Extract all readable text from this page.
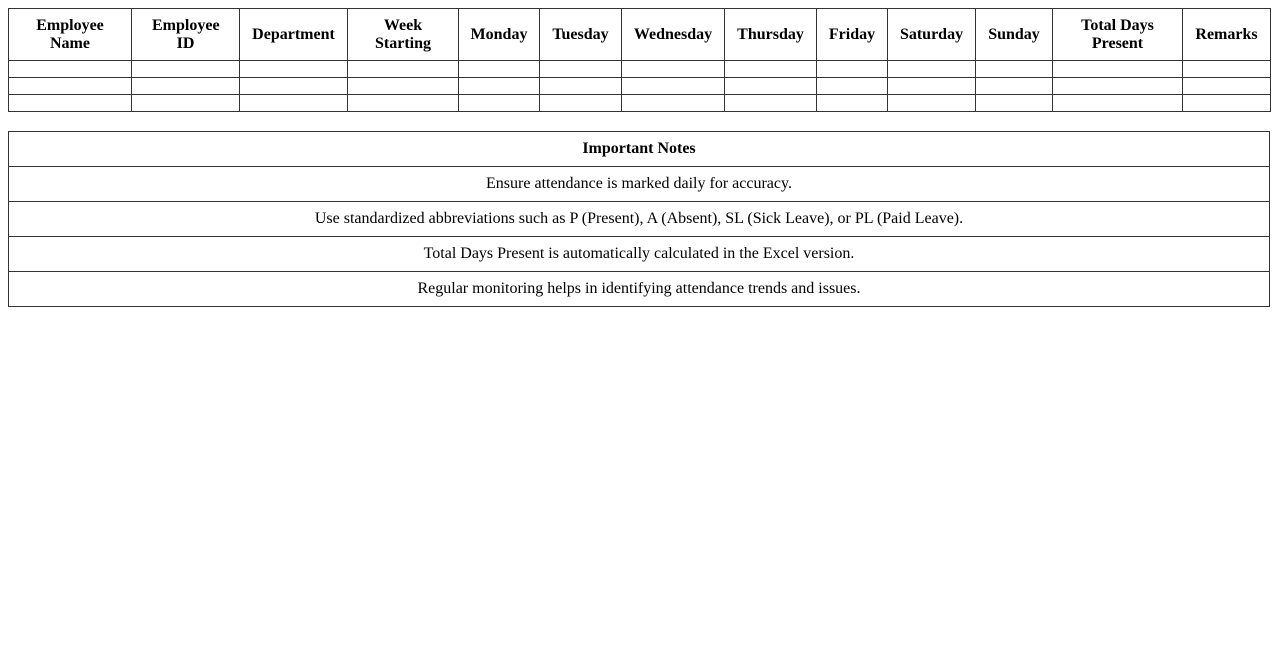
Employee Name	Employee ID	Department	Week Starting	Monday	Tuesday	Wednesday	Thursday	Friday	Saturday	Sunday	Total Days Present	Remarks

Important Notes
Ensure attendance is marked daily for accuracy.
Use standardized abbreviations such as P (Present), A (Absent), SL (Sick Leave), or PL (Paid Leave).
Total Days Present is automatically calculated in the Excel version.
Regular monitoring helps in identifying attendance trends and issues.
